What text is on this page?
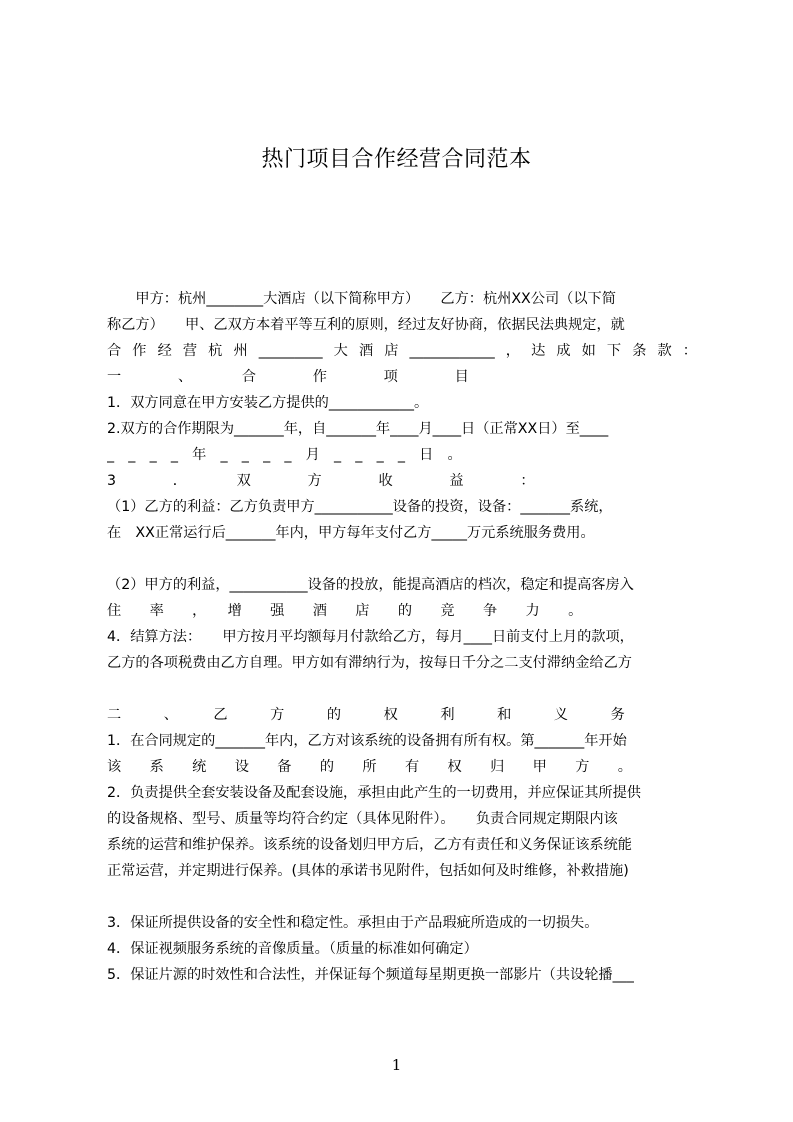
热门项目合作经营合同范本
　　甲方：杭州________大酒店（以下简称甲方）　　乙方：杭州XX公司（以下简
称乙方）　　甲、乙双方本着平等互利的原则，经过友好协商，依据民法典规定，就
合作经营杭州_________大酒店____________，达成如下条款：
一　　　　、　　　　合　　　　作　　　　项　　　　目
1．双方同意在甲方安装乙方提供的____________。
2.双方的合作期限为_______年，自_______年____月____日（正常XX日）至____
_　_　_　_　年　_　_　_　_　月　_　_　_　_　日　。
3　　　　．　　　　双　　　　方　　　　收　　　　益　　　　：
（1）乙方的利益：乙方负责甲方___________设备的投资，设备：_______系统，
在　XX正常运行后_______年内，甲方每年支付乙方_____万元系统服务费用。
（2）甲方的利益，___________设备的投放，能提高酒店的档次，稳定和提高客房入
住　　率　　，　　增　　强　　酒　　店　　的　　竞　　争　　力　　。
4．结算方法：　　甲方按月平均额每月付款给乙方，每月____日前支付上月的款项，
乙方的各项税费由乙方自理。甲方如有滞纳行为，按每日千分之二支付滞纳金给乙方
二　　　、　　　乙　　　方　　　的　　　权　　　利　　　和　　　义　　　务
1．在合同规定的_______年内，乙方对该系统的设备拥有所有权。第_______年开始
该　　系　　统　　设　　备　　的　　所　　有　　权　　归　　甲　　方　　。
2．负责提供全套安装设备及配套设施，承担由此产生的一切费用，并应保证其所提供
的设备规格、型号、质量等均符合约定（具体见附件）。　　负责合同规定期限内该
系统的运营和维护保养。该系统的设备划归甲方后，乙方有责任和义务保证该系统能
正常运营，并定期进行保养。(具体的承诺书见附件，包括如何及时维修，补救措施)
3．保证所提供设备的安全性和稳定性。承担由于产品瑕疵所造成的一切损失。
4．保证视频服务系统的音像质量。（质量的标准如何确定）
5．保证片源的时效性和合法性，并保证每个频道每星期更换一部影片（共设轮播___
1
